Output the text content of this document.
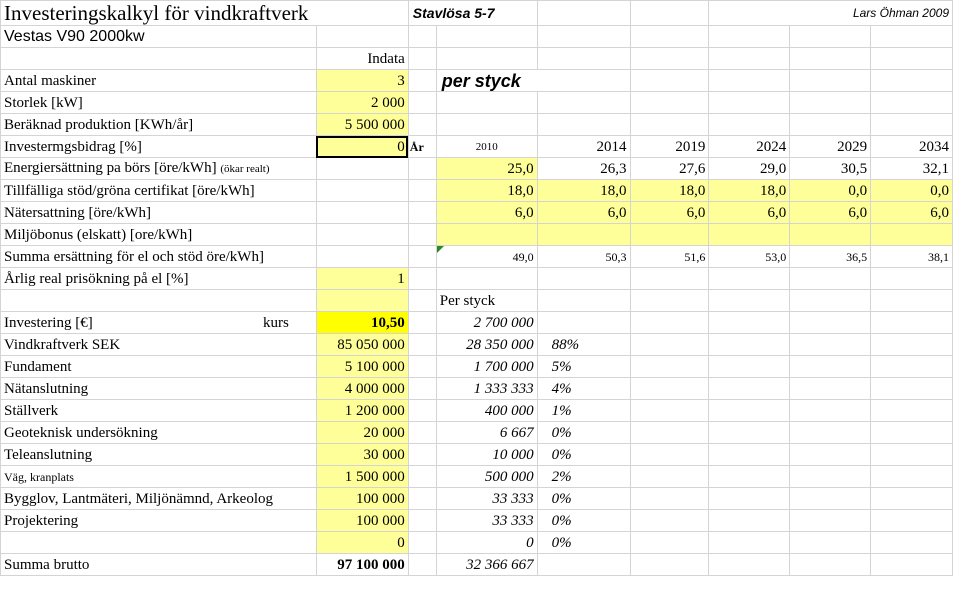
Investeringskalkyl för vindkraftverk		Stavlösa 5-7				Lars Öhman 2009		
Vestas V90 2000kw								
	Indata							
Antal maskiner	3		per styck					
Storlek [kW]	2 000							
Beräknad produktion [KWh/år]	5 500 000							
Investermgsbidrag [%]	0	År	2010	2014	2019	2024	2029	2034
Energiersättning pa börs [öre/kWh] (ökar realt)			25,0	26,3	27,6	29,0	30,5	32,1
Tillfälliga stöd/gröna certifikat [öre/kWh]			18,0	18,0	18,0	18,0	0,0	0,0
Nätersattning [öre/kWh]			6,0	6,0	6,0	6,0	6,0	6,0
Miljöbonus (elskatt) [ore/kWh]								
Summa ersättning för el och stöd öre/kWh]			49,0	50,3	51,6	53,0	36,5	38,1
Årlig real prisökning på el [%]	1							
			Per styck					
Investering [€] kurs	10,50		2 700 000					
Vindkraftverk SEK	85 050 000		28 350 000	88%				
Fundament	5 100 000		1 700 000	5%				
Nätanslutning	4 000 000		1 333 333	4%				
Ställverk	1 200 000		400 000	1%				
Geoteknisk undersökning	20 000		6 667	0%				
Teleanslutning	30 000		10 000	0%				
Väg, kranplats	1 500 000		500 000	2%				
Bygglov, Lantmäteri, Miljönämnd, Arkeolog	100 000		33 333	0%				
Projektering	100 000		33 333	0%				
	0		0	0%				
Summa brutto	97 100 000		32 366 667					
